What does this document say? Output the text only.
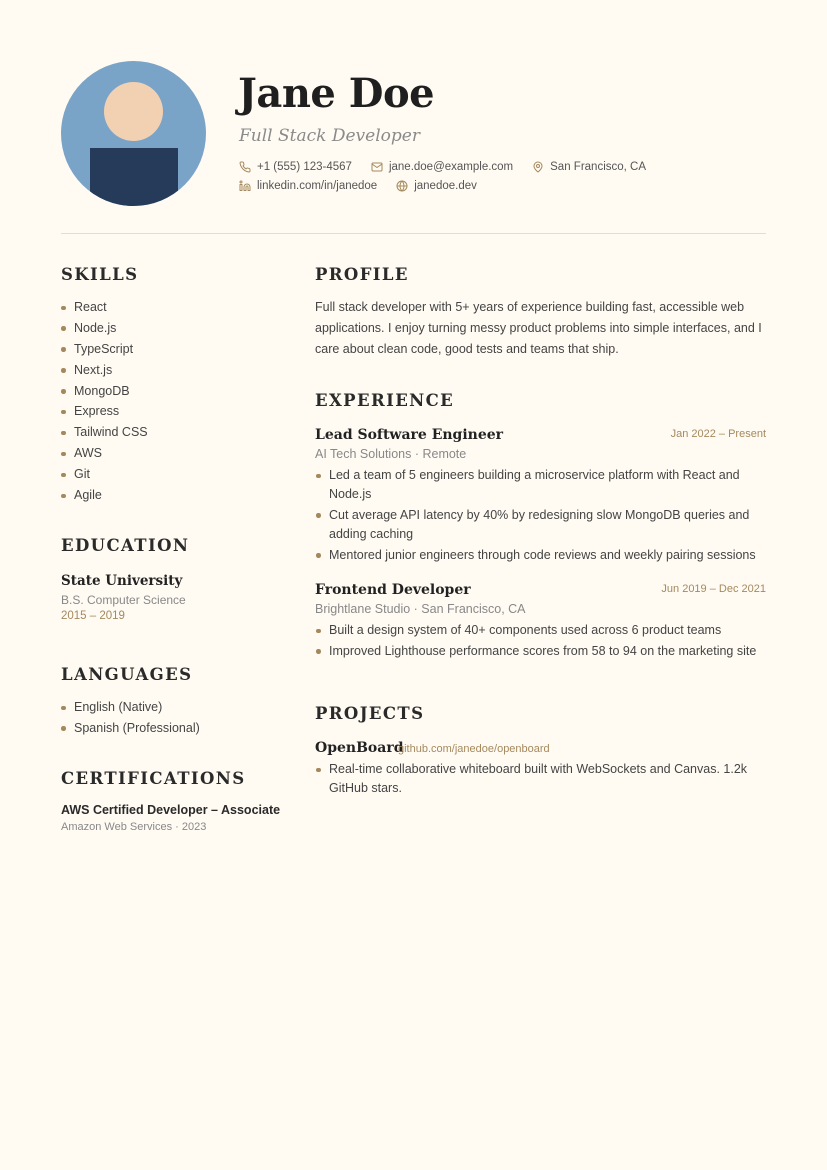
Jane Doe
Full Stack Developer
+1 (555) 123-4567	jane.doe@example.com	San Francisco, CA
linkedin.com/in/janedoe	janedoe.dev
SKILLS
React
Node.js
TypeScript
Next.js
MongoDB
Express
Tailwind CSS
AWS
Git
Agile
EDUCATION
State University
B.S. Computer Science
2015 – 2019
LANGUAGES
English (Native)
Spanish (Professional)
CERTIFICATIONS
AWS Certified Developer – Associate
Amazon Web Services · 2023
PROFILE
Full stack developer with 5+ years of experience building fast, accessible web applications. I enjoy turning messy product problems into simple interfaces, and I care about clean code, good tests and teams that ship.
EXPERIENCE
Lead Software Engineer	Jan 2022 – Present
AI Tech Solutions · Remote
Led a team of 5 engineers building a microservice platform with React and Node.js
Cut average API latency by 40% by redesigning slow MongoDB queries and adding caching
Mentored junior engineers through code reviews and weekly pairing sessions
Frontend Developer	Jun 2019 – Dec 2021
Brightlane Studio · San Francisco, CA
Built a design system of 40+ components used across 6 product teams
Improved Lighthouse performance scores from 58 to 94 on the marketing site
PROJECTS
OpenBoard
github.com/janedoe/openboard
Real-time collaborative whiteboard built with WebSockets and Canvas. 1.2k GitHub stars.
